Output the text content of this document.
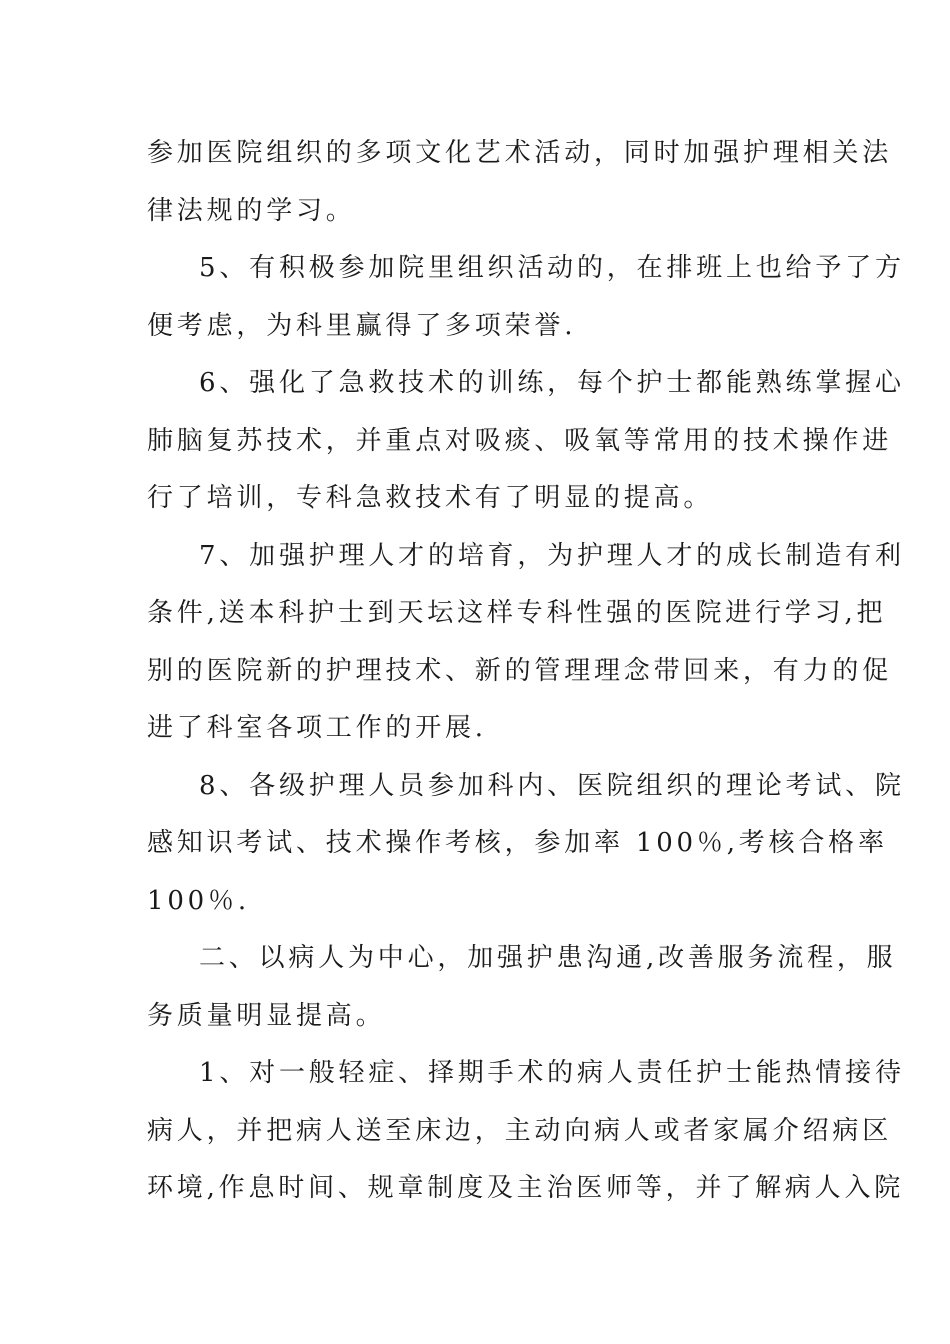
参加医院组织的多项文化艺术活动，同时加强护理相关法
律法规的学习。
5、有积极参加院里组织活动的，在排班上也给予了方
便考虑，为科里赢得了多项荣誉.
6、强化了急救技术的训练，每个护士都能熟练掌握心
肺脑复苏技术，并重点对吸痰、吸氧等常用的技术操作进
行了培训，专科急救技术有了明显的提高。
7、加强护理人才的培育，为护理人才的成长制造有利
条件,送本科护士到天坛这样专科性强的医院进行学习,把
别的医院新的护理技术、新的管理理念带回来，有力的促
进了科室各项工作的开展.
8、各级护理人员参加科内、医院组织的理论考试、院
感知识考试、技术操作考核，参加率 100％,考核合格率
100％.
二、以病人为中心，加强护患沟通,改善服务流程，服
务质量明显提高。
1、对一般轻症、择期手术的病人责任护士能热情接待
病人，并把病人送至床边，主动向病人或者家属介绍病区
环境,作息时间、规章制度及主治医师等，并了解病人入院
